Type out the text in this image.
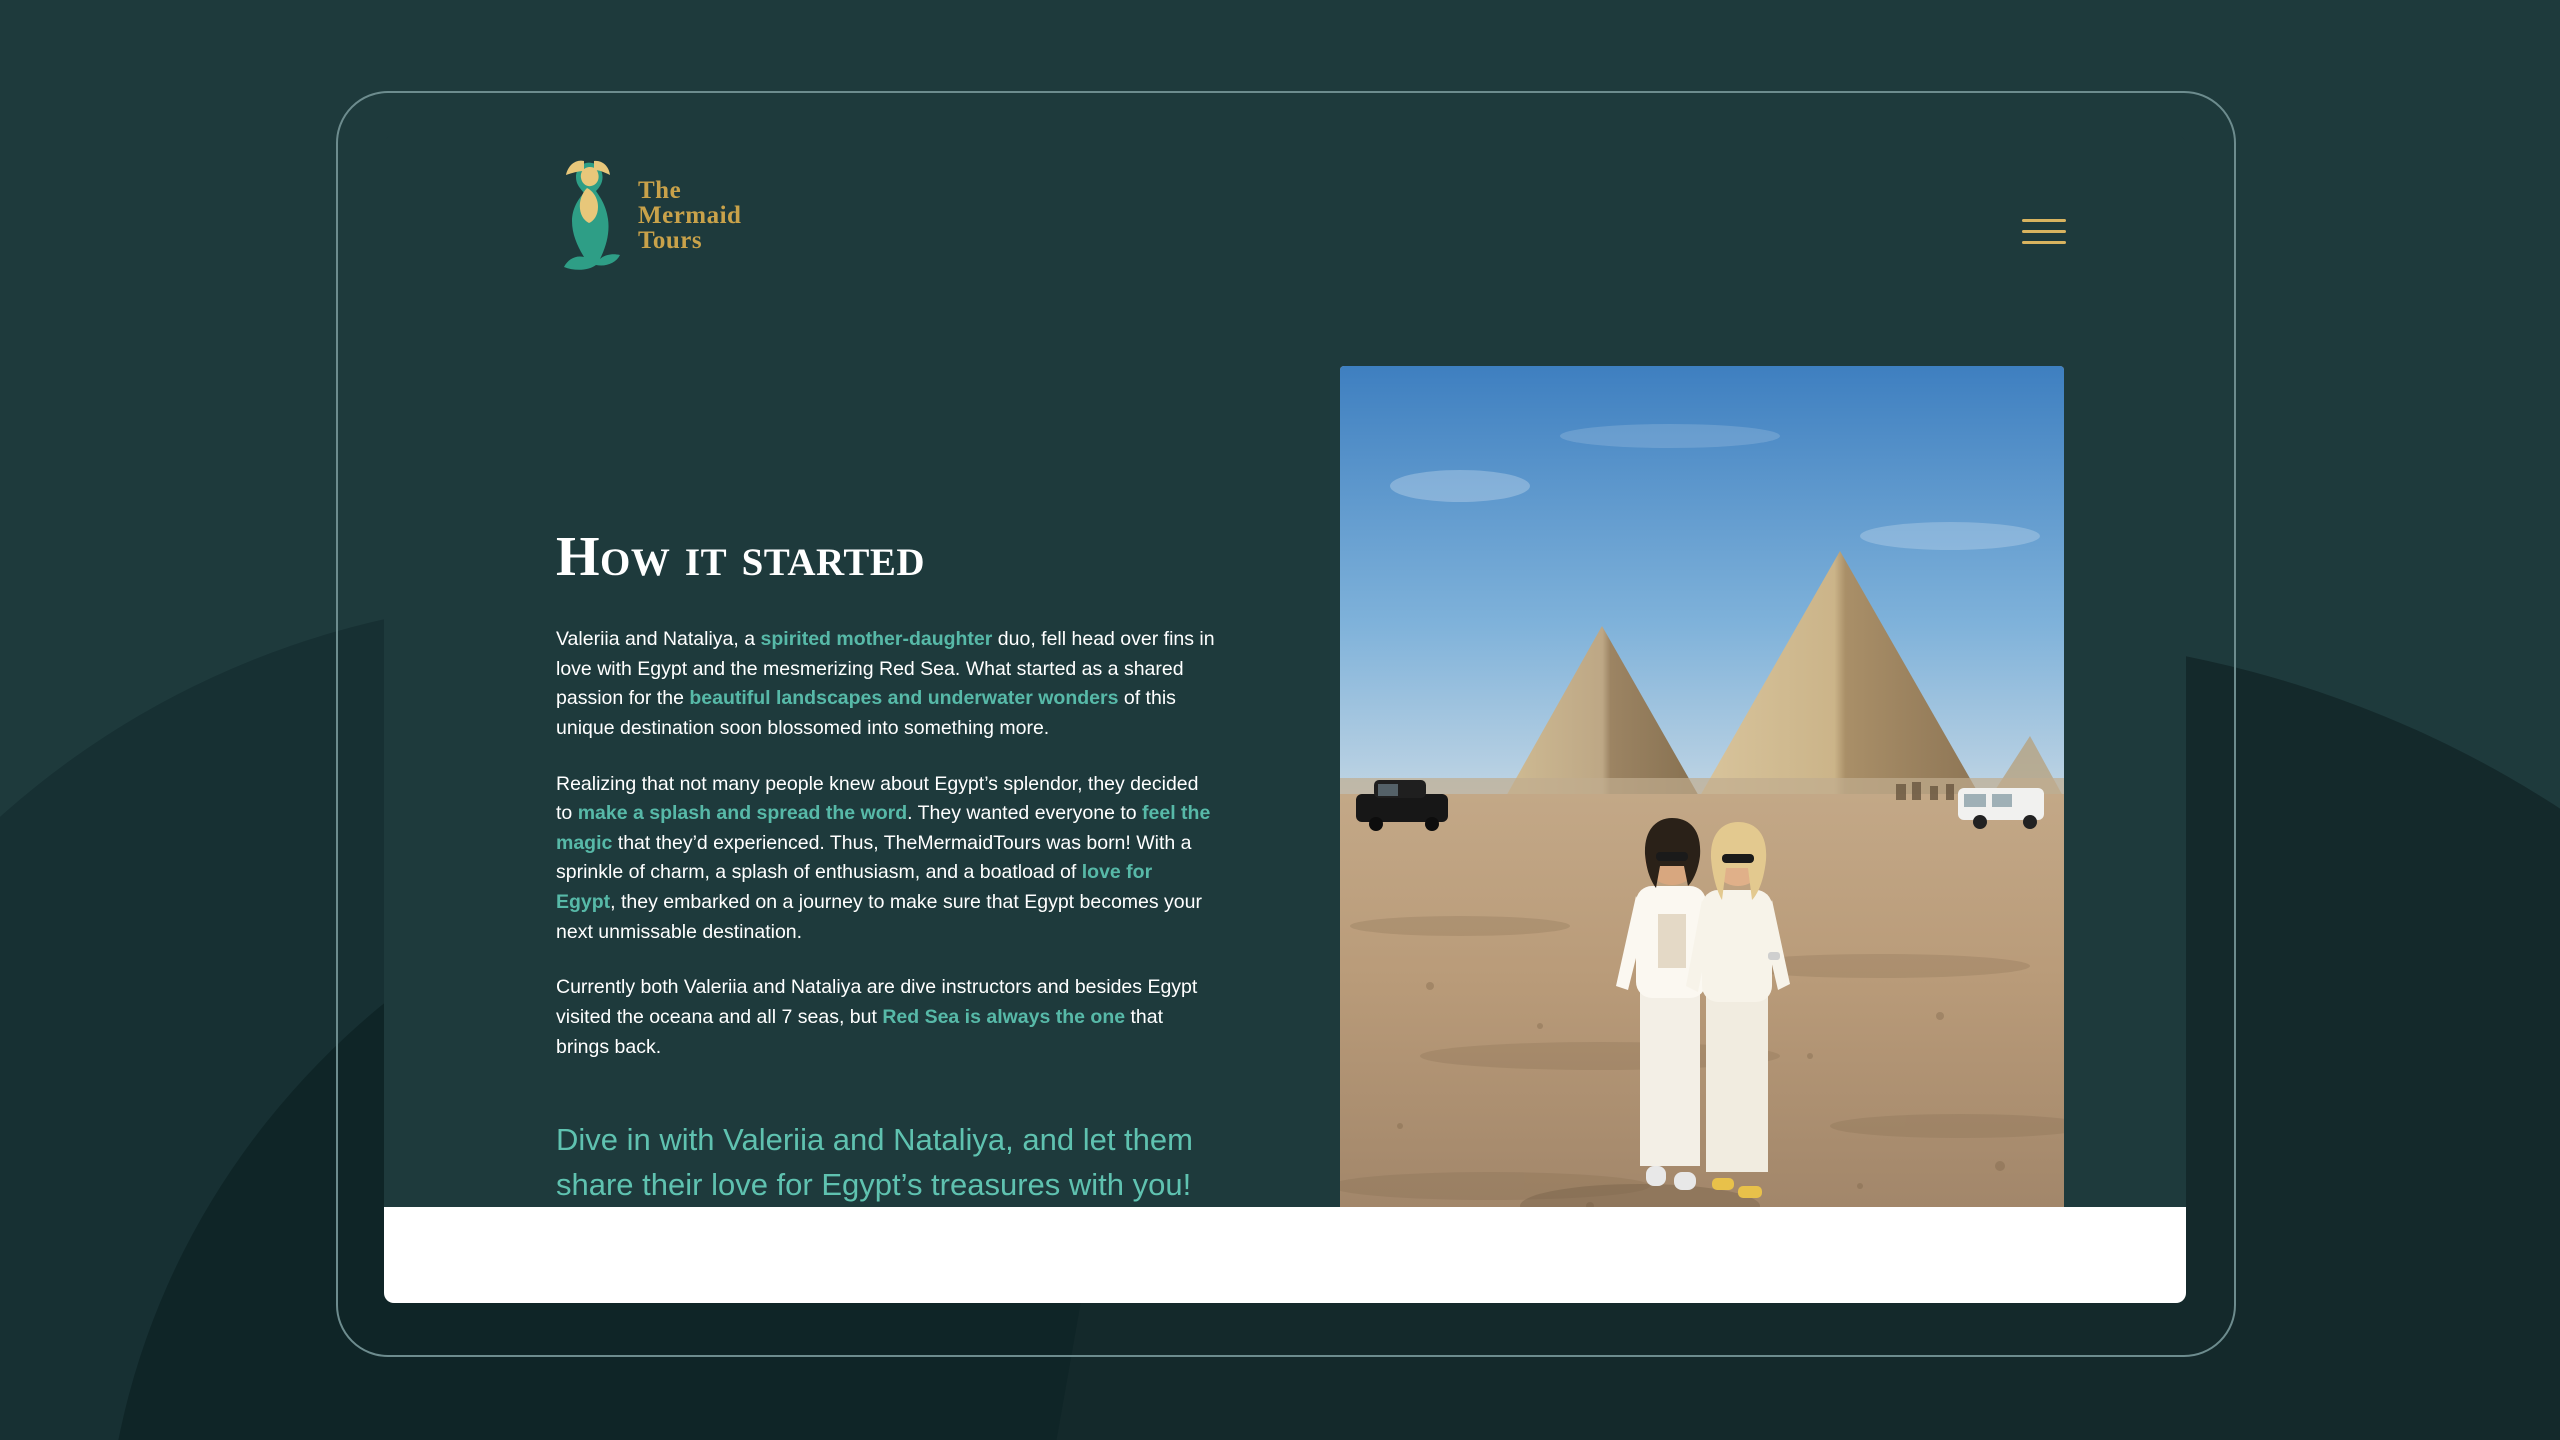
The
Mermaid
Tours
How it started

Valeriia and Nataliya, a spirited mother-daughter duo, fell head over fins in love with Egypt and the mesmerizing Red Sea. What started as a shared passion for the beautiful landscapes and underwater wonders of this unique destination soon blossomed into something more.

Realizing that not many people knew about Egypt’s splendor, they decided to make a splash and spread the word. They wanted everyone to feel the magic that they’d experienced. Thus, TheMermaidTours was born! With a sprinkle of charm, a splash of enthusiasm, and a boatload of love for Egypt, they embarked on a journey to make sure that Egypt becomes your next unmissable destination.

Currently both Valeriia and Nataliya are dive instructors and besides Egypt visited the oceana and all 7 seas, but Red Sea is always the one that brings back.

Dive in with Valeriia and Nataliya, and let them share their love for Egypt’s treasures with you!
